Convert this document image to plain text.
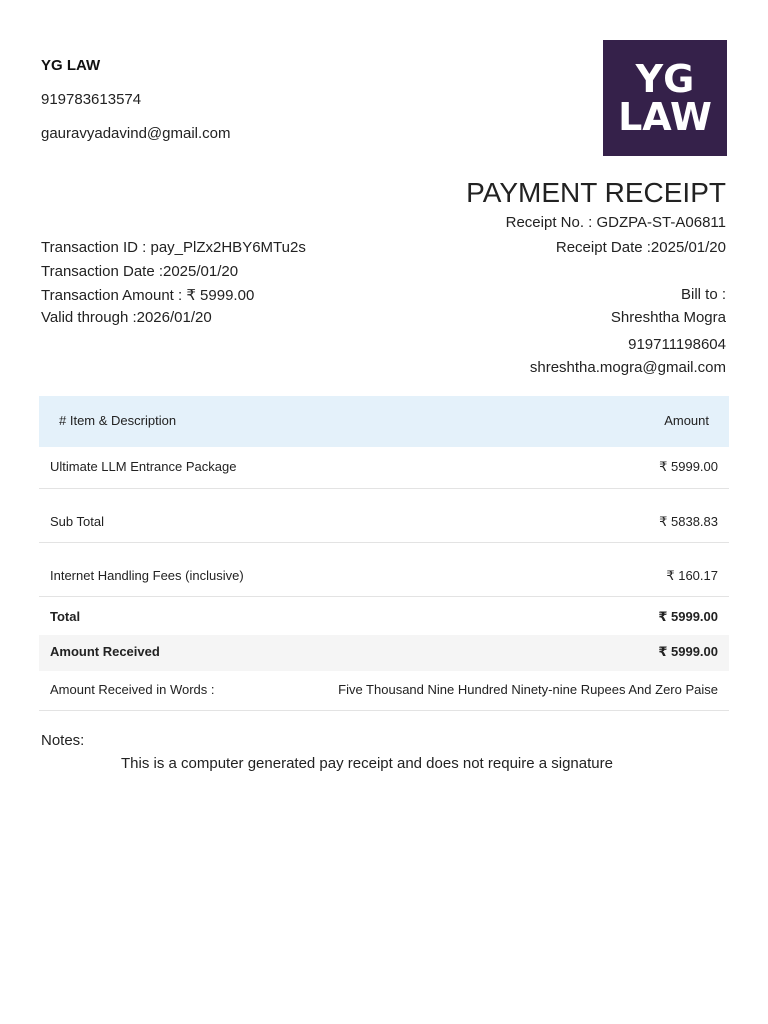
YG LAW
919783613574
gauravyadavind@gmail.com
YG
LAW
PAYMENT RECEIPT
Receipt No. : GDZPA-ST-A06811
Receipt Date :2025/01/20
Transaction ID : pay_PlZx2HBY6MTu2s
Transaction Date :2025/01/20
Transaction Amount : ₹ 5999.00
Valid through :2026/01/20
Bill to :
Shreshtha Mogra
919711198604
shreshtha.mogra@gmail.com
# Item & Description	Amount
Ultimate LLM Entrance Package	₹ 5999.00
Sub Total	₹ 5838.83
Internet Handling Fees (inclusive)	₹ 160.17
Total	₹ 5999.00
Amount Received	₹ 5999.00
Amount Received in Words :	Five Thousand Nine Hundred Ninety-nine Rupees And Zero Paise
Notes:
This is a computer generated pay receipt and does not require a signature
